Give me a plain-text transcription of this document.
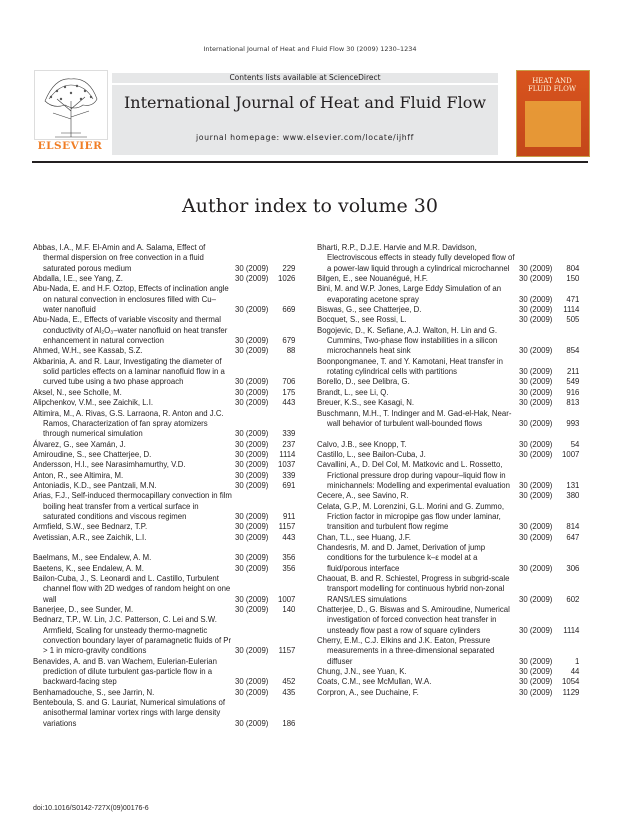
International Journal of Heat and Fluid Flow 30 (2009) 1230–1234
ELSEVIER
Contents lists available at ScienceDirect
International Journal of Heat and Fluid Flow
journal homepage: www.elsevier.com/locate/ijhff
HEAT AND FLUID FLOW
Author index to volume 30
Abbas, I.A., M.F. El-Amin and A. Salama, Effect of thermal dispersion on free convection in a fluid saturated porous medium	30 (2009) 229
Abdalla, I.E., see Yang, Z.	30 (2009) 1026
Abu-Nada, E. and H.F. Oztop, Effects of inclination angle on natural convection in enclosures filled with Cu–water nanofluid	30 (2009) 669
Abu-Nada, E., Effects of variable viscosity and thermal conductivity of Al₂O₃–water nanofluid on heat transfer enhancement in natural convection	30 (2009) 679
Ahmed, W.H., see Kassab, S.Z.	30 (2009) 88
Akbarinia, A. and R. Laur, Investigating the diameter of solid particles effects on a laminar nanofluid flow in a curved tube using a two phase approach	30 (2009) 706
Aksel, N., see Scholle, M.	30 (2009) 175
Alipchenkov, V.M., see Zaichik, L.I.	30 (2009) 443
Altimira, M., A. Rivas, G.S. Larraona, R. Anton and J.C. Ramos, Characterization of fan spray atomizers through numerical simulation	30 (2009) 339
Álvarez, G., see Xamán, J.	30 (2009) 237
Amiroudine, S., see Chatterjee, D.	30 (2009) 1114
Andersson, H.I., see Narasimhamurthy, V.D.	30 (2009) 1037
Anton, R., see Altimira, M.	30 (2009) 339
Antoniadis, K.D., see Pantzali, M.N.	30 (2009) 691
Arias, F.J., Self-induced thermocapillary convection in film boiling heat transfer from a vertical surface in saturated conditions and viscous regimen	30 (2009) 911
Armfield, S.W., see Bednarz, T.P.	30 (2009) 1157
Avetissian, A.R., see Zaichik, L.I.	30 (2009) 443
Baelmans, M., see Endalew, A. M.	30 (2009) 356
Baetens, K., see Endalew, A. M.	30 (2009) 356
Bailon-Cuba, J., S. Leonardi and L. Castillo, Turbulent channel flow with 2D wedges of random height on one wall	30 (2009) 1007
Banerjee, D., see Sunder, M.	30 (2009) 140
Bednarz, T.P., W. Lin, J.C. Patterson, C. Lei and S.W. Armfield, Scaling for unsteady thermo-magnetic convection boundary layer of paramagnetic fluids of Pr > 1 in micro-gravity conditions	30 (2009) 1157
Benavides, A. and B. van Wachem, Eulerian-Eulerian prediction of dilute turbulent gas-particle flow in a backward-facing step	30 (2009) 452
Benhamadouche, S., see Jarrin, N.	30 (2009) 435
Benteboula, S. and G. Lauriat, Numerical simulations of anisothermal laminar vortex rings with large density variations	30 (2009) 186
Bharti, R.P., D.J.E. Harvie and M.R. Davidson, Electroviscous effects in steady fully developed flow of a power-law liquid through a cylindrical microchannel	30 (2009) 804
Bilgen, E., see Nouanégué, H.F.	30 (2009) 150
Bini, M. and W.P. Jones, Large Eddy Simulation of an evaporating acetone spray	30 (2009) 471
Biswas, G., see Chatterjee, D.	30 (2009) 1114
Bocquet, S., see Rossi, L.	30 (2009) 505
Bogojevic, D., K. Sefiane, A.J. Walton, H. Lin and G. Cummins, Two-phase flow instabilities in a silicon microchannels heat sink	30 (2009) 854
Boonpongmanee, T. and Y. Kamotani, Heat transfer in rotating cylindrical cells with partitions	30 (2009) 211
Borello, D., see Delibra, G.	30 (2009) 549
Brandt, L., see Li, Q.	30 (2009) 916
Breuer, K.S., see Kasagi, N.	30 (2009) 813
Buschmann, M.H., T. Indinger and M. Gad-el-Hak, Near-wall behavior of turbulent wall-bounded flows	30 (2009) 993
Calvo, J.B., see Knopp, T.	30 (2009) 54
Castillo, L., see Bailon-Cuba, J.	30 (2009) 1007
Cavallini, A., D. Del Col, M. Matkovic and L. Rossetto, Frictional pressure drop during vapour–liquid flow in minichannels: Modelling and experimental evaluation	30 (2009) 131
Cecere, A., see Savino, R.	30 (2009) 380
Celata, G.P., M. Lorenzini, G.L. Morini and G. Zummo, Friction factor in micropipe gas flow under laminar, transition and turbulent flow regime	30 (2009) 814
Chan, T.L., see Huang, J.F.	30 (2009) 647
Chandesris, M. and D. Jamet, Derivation of jump conditions for the turbulence k–ε model at a fluid/porous interface	30 (2009) 306
Chaouat, B. and R. Schiestel, Progress in subgrid-scale transport modelling for continuous hybrid non-zonal RANS/LES simulations	30 (2009) 602
Chatterjee, D., G. Biswas and S. Amiroudine, Numerical investigation of forced convection heat transfer in unsteady flow past a row of square cylinders	30 (2009) 1114
Cherry, E.M., C.J. Elkins and J.K. Eaton, Pressure measurements in a three-dimensional separated diffuser	30 (2009)	1
Chung, J.N., see Yuan, K.	30 (2009) 44
Coats, C.M., see McMullan, W.A.	30 (2009) 1054
Corpron, A., see Duchaine, F.	30 (2009) 1129
doi:10.1016/S0142-727X(09)00176-6
